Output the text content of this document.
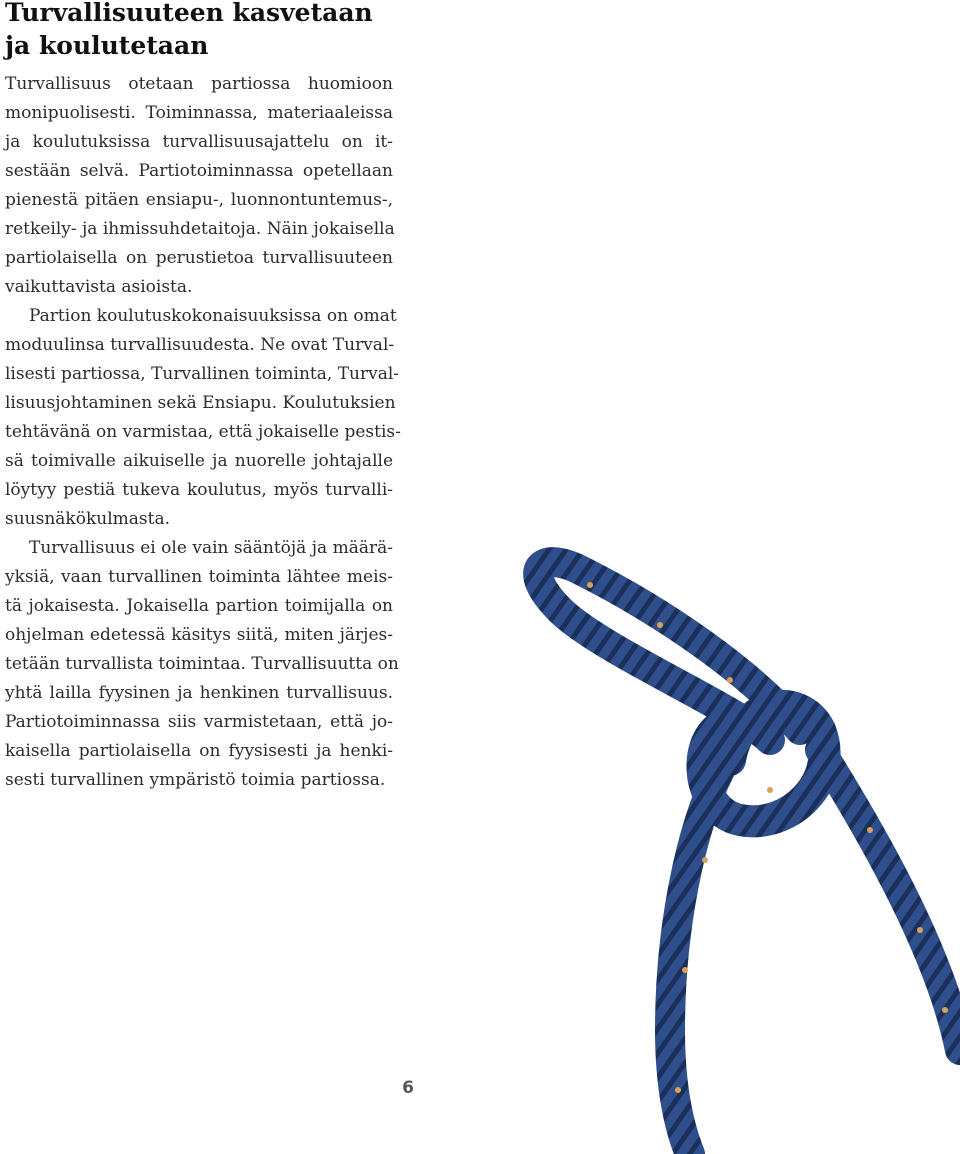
Turvallisuuteen kasvetaan
ja koulutetaan
Turvallisuus otetaan partiossa huomioon
monipuolisesti. Toiminnassa, materiaaleissa
ja koulutuksissa turvallisuusajattelu on it-
sestään selvä. Partiotoiminnassa opetellaan
pienestä pitäen ensiapu-, luonnontuntemus-,
retkeily- ja ihmissuhdetaitoja. Näin jokaisella
partiolaisella on perustietoa turvallisuuteen
vaikuttavista asioista.
Partion koulutuskokonaisuuksissa on omat
moduulinsa turvallisuudesta. Ne ovat Turval-
lisesti partiossa, Turvallinen toiminta, Turval-
lisuusjohtaminen sekä Ensiapu. Koulutuksien
tehtävänä on varmistaa, että jokaiselle pestis-
sä toimivalle aikuiselle ja nuorelle johtajalle
löytyy pestiä tukeva koulutus, myös turvalli-
suusnäkökulmasta.
Turvallisuus ei ole vain sääntöjä ja määrä-
yksiä, vaan turvallinen toiminta lähtee meis-
tä jokaisesta. Jokaisella partion toimijalla on
ohjelman edetessä käsitys siitä, miten järjes-
tetään turvallista toimintaa. Turvallisuutta on
yhtä lailla fyysinen ja henkinen turvallisuus.
Partiotoiminnassa siis varmistetaan, että jo-
kaisella partiolaisella on fyysisesti ja henki-
sesti turvallinen ympäristö toimia partiossa.
6
